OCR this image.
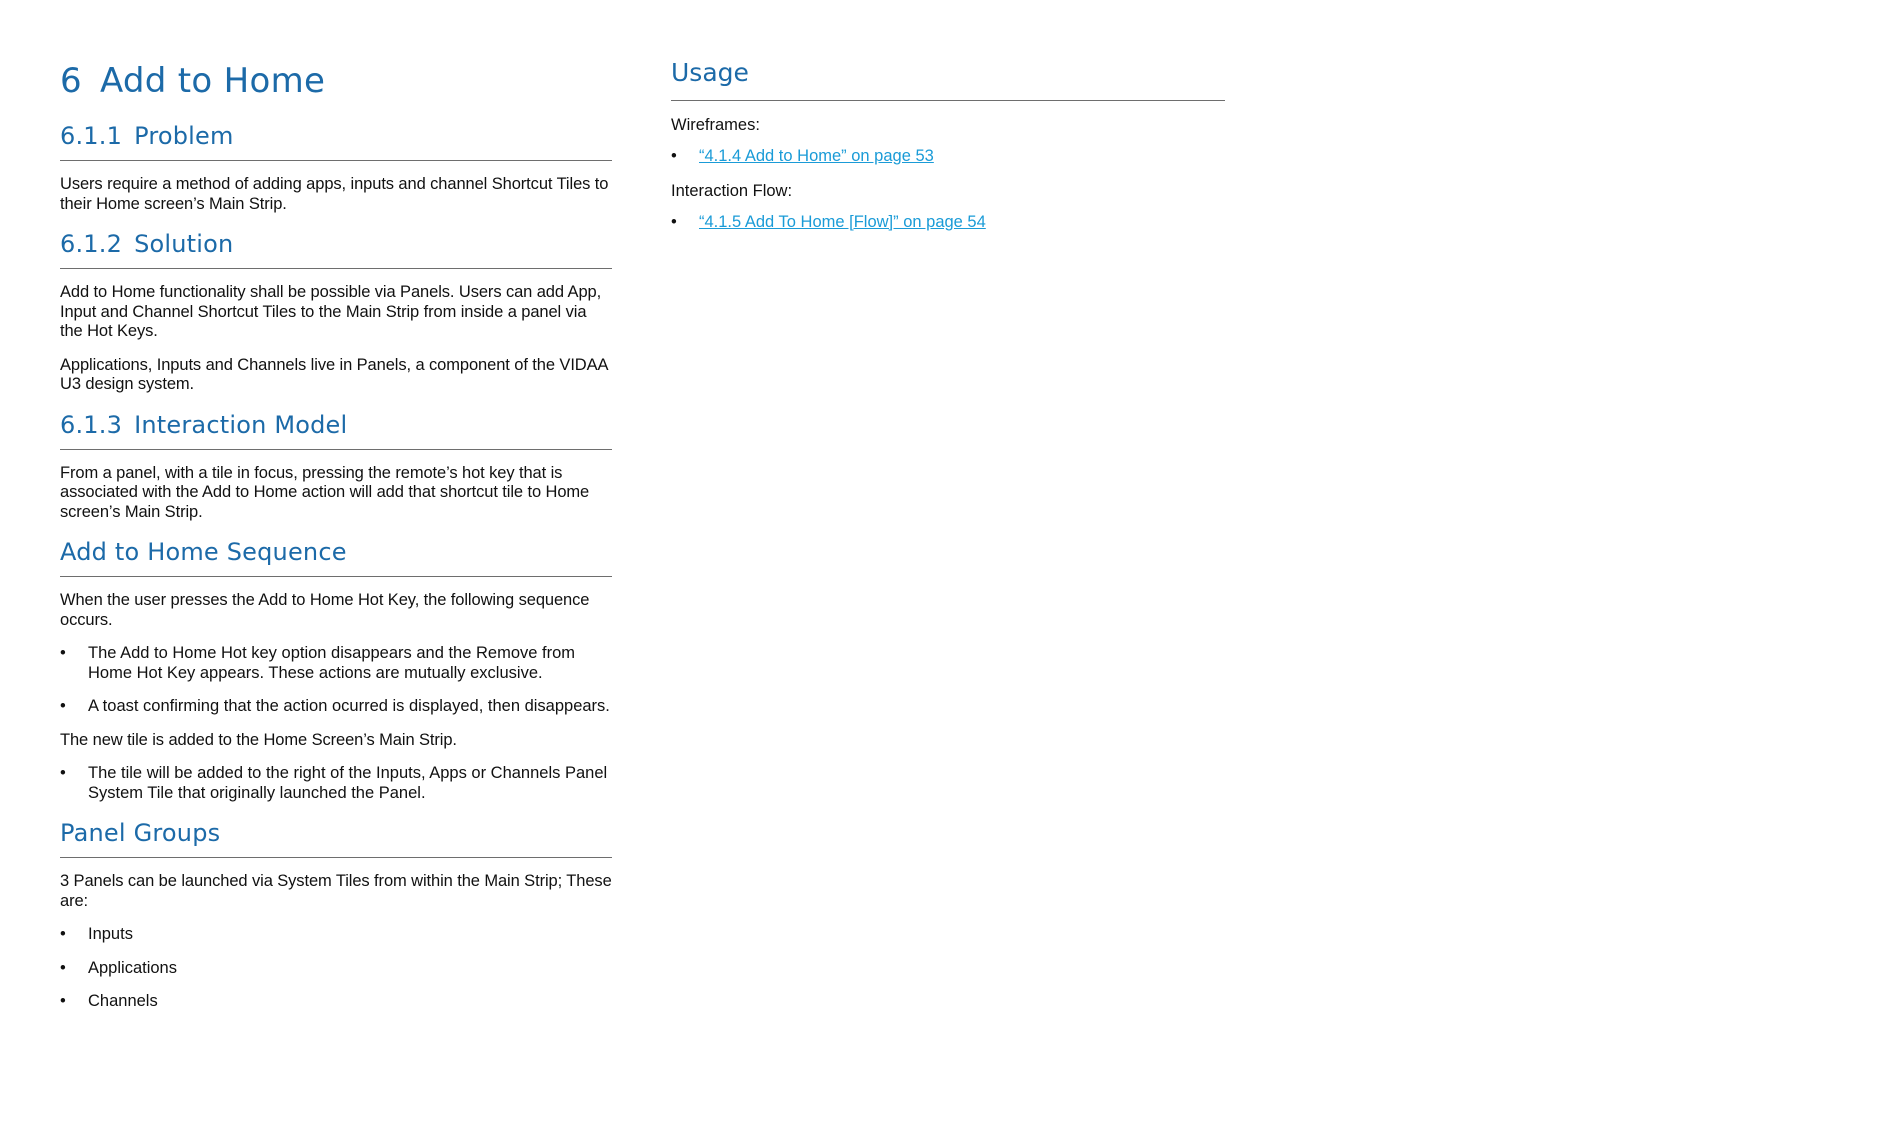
6 Add to Home
6.1.1 Problem

Users require a method of adding apps, inputs and channel Shortcut Tiles to their Home screen’s Main Strip.

6.1.2 Solution

Add to Home functionality shall be possible via Panels. Users can add App, Input and Channel Shortcut Tiles to the Main Strip from inside a panel via the Hot Keys.

Applications, Inputs and Channels live in Panels, a component of the VIDAA U3 design system.

6.1.3 Interaction Model

From a panel, with a tile in focus, pressing the remote’s hot key that is associated with the Add to Home action will add that shortcut tile to Home screen’s Main Strip.

Add to Home Sequence

When the user presses the Add to Home Hot Key, the following sequence occurs.

• The Add to Home Hot key option disappears and the Remove from Home Hot Key appears. These actions are mutually exclusive.
• A toast confirming that the action ocurred is displayed, then disappears.

The new tile is added to the Home Screen’s Main Strip.

• The tile will be added to the right of the Inputs, Apps or Channels Panel System Tile that originally launched the Panel.
Panel Groups

3 Panels can be launched via System Tiles from within the Main Strip; These are:

• Inputs
• Applications
• Channels
Usage

Wireframes:

• “4.1.4 Add to Home” on page 53

Interaction Flow:

• “4.1.5 Add To Home [Flow]” on page 54
